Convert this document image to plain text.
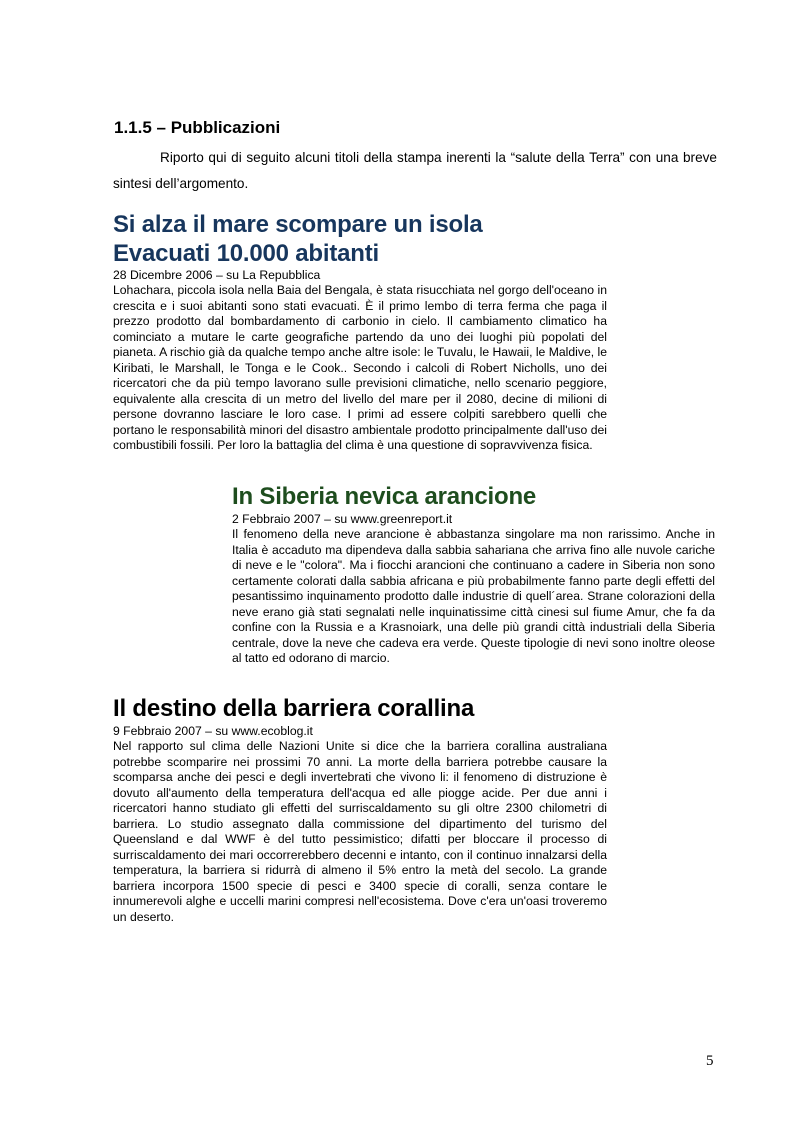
1.1.5 – Pubblicazioni

Riporto qui di seguito alcuni titoli della stampa inerenti la “salute della Terra” con una breve sintesi dell’argomento.

Si alza il mare scompare un isola
Evacuati 10.000 abitanti

28 Dicembre 2006 – su La Repubblica

Lohachara, piccola isola nella Baia del Bengala, è stata risucchiata nel gorgo dell'oceano in crescita e i suoi abitanti sono stati evacuati. È il primo lembo di terra ferma che paga il prezzo prodotto dal bombardamento di carbonio in cielo. Il cambiamento climatico ha cominciato a mutare le carte geografiche partendo da uno dei luoghi più popolati del pianeta. A rischio già da qualche tempo anche altre isole: le Tuvalu, le Hawaii, le Maldive, le Kiribati, le Marshall, le Tonga e le Cook.. Secondo i calcoli di Robert Nicholls, uno dei ricercatori che da più tempo lavorano sulle previsioni climatiche, nello scenario peggiore, equivalente alla crescita di un metro del livello del mare per il 2080, decine di milioni di persone dovranno lasciare le loro case. I primi ad essere colpiti sarebbero quelli che portano le responsabilità minori del disastro ambientale prodotto principalmente dall'uso dei combustibili fossili. Per loro la battaglia del clima è una questione di sopravvivenza fisica.

In Siberia nevica arancione

2 Febbraio 2007 – su www.greenreport.it

Il fenomeno della neve arancione è abbastanza singolare ma non rarissimo. Anche in Italia è accaduto ma dipendeva dalla sabbia sahariana che arriva fino alle nuvole cariche di neve e le "colora". Ma i fiocchi arancioni che continuano a cadere in Siberia non sono certamente colorati dalla sabbia africana e più probabilmente fanno parte degli effetti del pesantissimo inquinamento prodotto dalle industrie di quell´area. Strane colorazioni della neve erano già stati segnalati nelle inquinatissime città cinesi sul fiume Amur, che fa da confine con la Russia e a Krasnoiark, una delle più grandi città industriali della Siberia centrale, dove la neve che cadeva era verde. Queste tipologie di nevi sono inoltre oleose al tatto ed odorano di marcio.

Il destino della barriera corallina

9 Febbraio 2007 – su www.ecoblog.it

Nel rapporto sul clima delle Nazioni Unite si dice che la barriera corallina australiana potrebbe scomparire nei prossimi 70 anni. La morte della barriera potrebbe causare la scomparsa anche dei pesci e degli invertebrati che vivono li: il fenomeno di distruzione è dovuto all'aumento della temperatura dell'acqua ed alle piogge acide. Per due anni i ricercatori hanno studiato gli effetti del surriscaldamento su gli oltre 2300 chilometri di barriera. Lo studio assegnato dalla commissione del dipartimento del turismo del Queensland e dal WWF è del tutto pessimistico; difatti per bloccare il processo di surriscaldamento dei mari occorrerebbero decenni e intanto, con il continuo innalzarsi della temperatura, la barriera si ridurrà di almeno il 5% entro la metà del secolo. La grande barriera incorpora 1500 specie di pesci e 3400 specie di coralli, senza contare le innumerevoli alghe e uccelli marini compresi nell'ecosistema. Dove c'era un'oasi troveremo un deserto.

5
